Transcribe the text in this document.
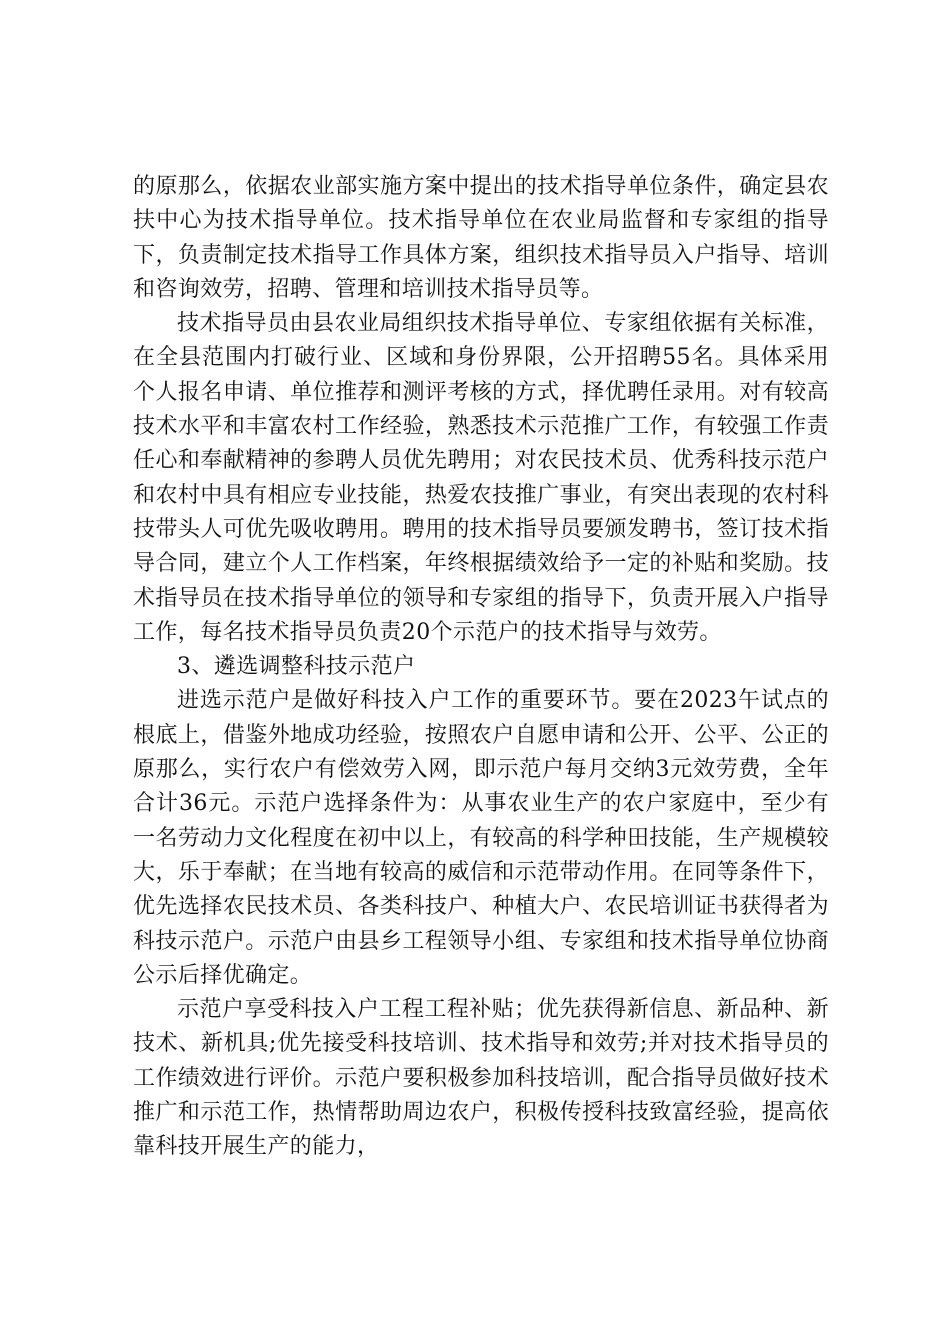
的原那么，依据农业部实施方案中提出的技术指导单位条件，确定县农扶中心为技术指导单位。技术指导单位在农业局监督和专家组的指导下，负责制定技术指导工作具体方案，组织技术指导员入户指导、培训和咨询效劳，招聘、管理和培训技术指导员等。

技术指导员由县农业局组织技术指导单位、专家组依据有关标准，在全县范围内打破行业、区域和身份界限，公开招聘55名。具体采用个人报名申请、单位推荐和测评考核的方式，择优聘任录用。对有较高技术水平和丰富农村工作经验，熟悉技术示范推广工作，有较强工作责任心和奉献精神的参聘人员优先聘用；对农民技术员、优秀科技示范户和农村中具有相应专业技能，热爱农技推广事业，有突出表现的农村科技带头人可优先吸收聘用。聘用的技术指导员要颁发聘书，签订技术指导合同，建立个人工作档案，年终根据绩效给予一定的补贴和奖励。技术指导员在技术指导单位的领导和专家组的指导下，负责开展入户指导工作，每名技术指导员负责20个示范户的技术指导与效劳。

3、遴选调整科技示范户

进选示范户是做好科技入户工作的重要环节。要在2023午试点的根底上，借鉴外地成功经验，按照农户自愿申请和公开、公平、公正的原那么，实行农户有偿效劳入网，即示范户每月交纳3元效劳费，全年合计36元。示范户选择条件为：从事农业生产的农户家庭中，至少有一名劳动力文化程度在初中以上，有较高的科学种田技能，生产规模较大，乐于奉献；在当地有较高的威信和示范带动作用。在同等条件下，优先选择农民技术员、各类科技户、种植大户、农民培训证书获得者为科技示范户。示范户由县乡工程领导小组、专家组和技术指导单位协商公示后择优确定。

示范户享受科技入户工程工程补贴；优先获得新信息、新品种、新技术、新机具;优先接受科技培训、技术指导和效劳;并对技术指导员的工作绩效进行评价。示范户要积极参加科技培训，配合指导员做好技术推广和示范工作，热情帮助周边农户，积极传授科技致富经验，提高依靠科技开展生产的能力，
